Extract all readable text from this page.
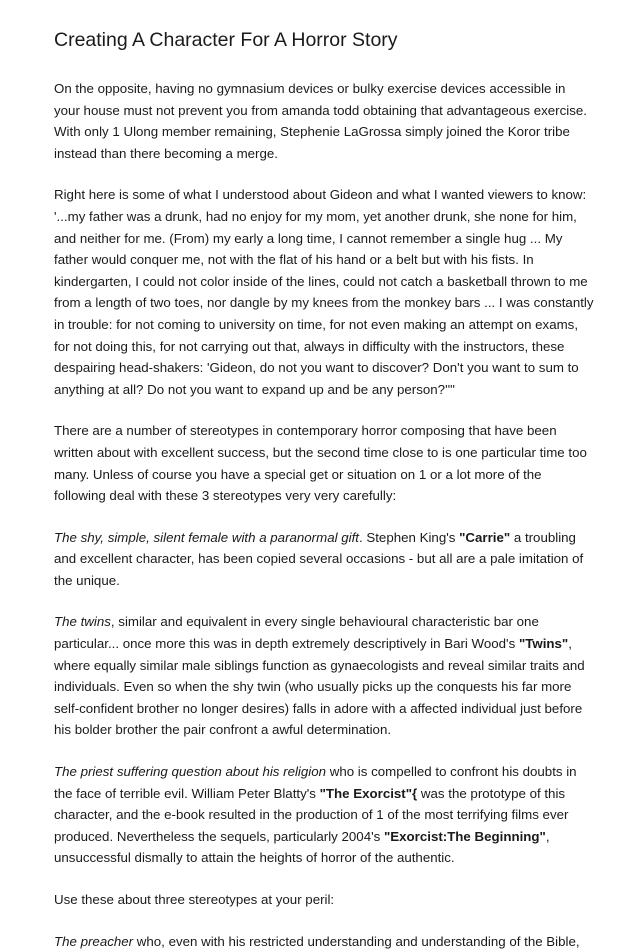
Creating A Character For A Horror Story

On the opposite, having no gymnasium devices or bulky exercise devices accessible in your house must not prevent you from amanda todd obtaining that advantageous exercise. With only 1 Ulong member remaining, Stephenie LaGrossa simply joined the Koror tribe instead than there becoming a merge.

Right here is some of what I understood about Gideon and what I wanted viewers to know: '...my father was a drunk, had no enjoy for my mom, yet another drunk, she none for him, and neither for me. (From) my early a long time, I cannot remember a single hug ... My father would conquer me, not with the flat of his hand or a belt but with his fists. In kindergarten, I could not color inside of the lines, could not catch a basketball thrown to me from a length of two toes, nor dangle by my knees from the monkey bars ... I was constantly in trouble: for not coming to university on time, for not even making an attempt on exams, for not doing this, for not carrying out that, always in difficulty with the instructors, these despairing head-shakers: 'Gideon, do not you want to discover? Don't you want to sum to anything at all? Do not you want to expand up and be any person?''"

There are a number of stereotypes in contemporary horror composing that have been written about with excellent success, but the second time close to is one particular time too many. Unless of course you have a special get or situation on 1 or a lot more of the following deal with these 3 stereotypes very very carefully:

The shy, simple, silent female with a paranormal gift. Stephen King's "Carrie" a troubling and excellent character, has been copied several occasions - but all are a pale imitation of the unique.

The twins, similar and equivalent in every single behavioural characteristic bar one particular... once more this was in depth extremely descriptively in Bari Wood's "Twins", where equally similar male siblings function as gynaecologists and reveal similar traits and individuals. Even so when the shy twin (who usually picks up the conquests his far more self-confident brother no longer desires) falls in adore with a affected individual just before his bolder brother the pair confront a awful determination.

The priest suffering question about his religion who is compelled to confront his doubts in the face of terrible evil. William Peter Blatty's "The Exorcist"{ was the prototype of this character, and the e-book resulted in the production of 1 of the most terrifying films ever produced. Nevertheless the sequels, particularly 2004's "Exorcist:The Beginning", unsuccessful dismally to attain the heights of horror of the authentic.

Use these about three stereotypes at your peril:

The preacher who, even with his restricted understanding and understanding of the Bible,
